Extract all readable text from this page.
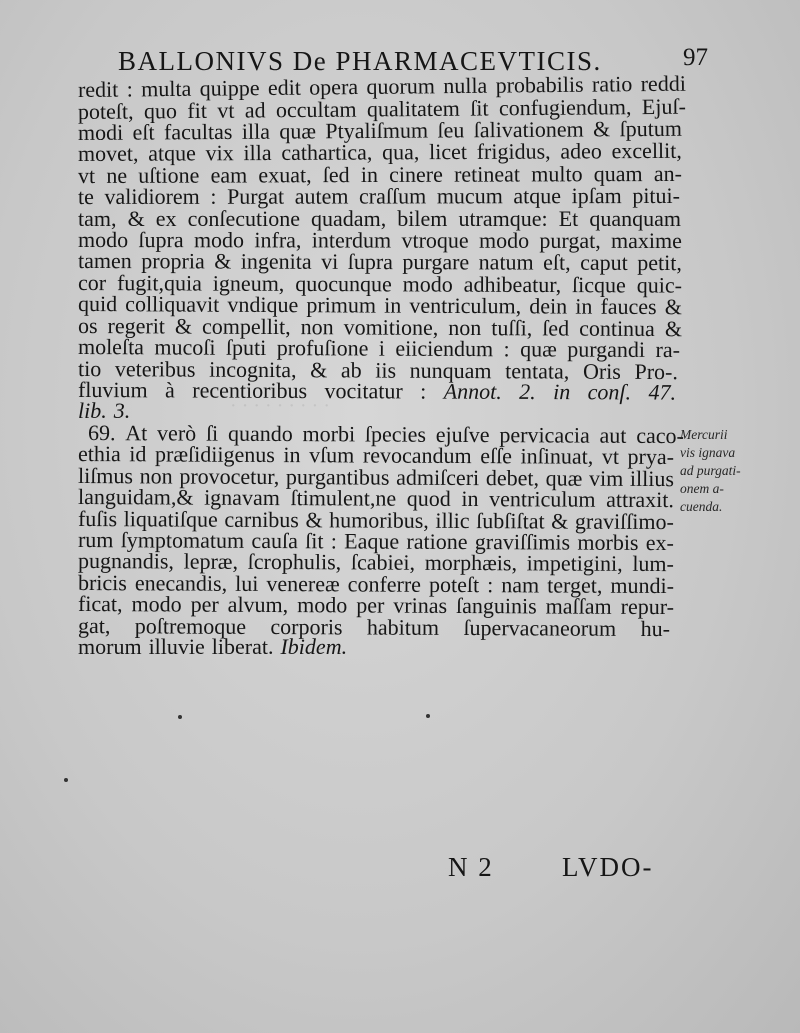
BALLONIVS De PHARMACEVTICIS.	97
· · · · · · · · ·
redit : multa quippe edit opera quorum nulla probabilis ratio reddi
poteſt, quo fit vt ad occultam qualitatem ſit confugiendum, Ejuſ-
modi eſt facultas illa quæ Ptyaliſmum ſeu ſalivationem & ſputum
movet, atque vix illa cathartica, qua, licet frigidus, adeo excellit,
vt ne uſtione eam exuat, ſed in cinere retineat multo quam an-
te validiorem : Purgat autem craſſum mucum atque ipſam pitui-
tam, & ex conſecutione quadam, bilem utramque: Et quanquam
modo ſupra modo infra, interdum vtroque modo purgat, maxime
tamen propria & ingenita vi ſupra purgare natum eſt, caput petit,
cor fugit,quia igneum, quocunque modo adhibeatur, ſicque quic-
quid colliquavit vndique primum in ventriculum, dein in fauces &
os regerit & compellit, non vomitione, non tuſſi, ſed continua &
moleſta mucoſi ſputi profuſione i eiiciendum : quæ purgandi ra-
tio veteribus incognita, & ab iis nunquam tentata, Oris Pro-.
fluvium à recentioribus vocitatur : Annot. 2. in conſ. 47.
lib. 3.
69. At verò ſi quando morbi ſpecies ejuſve pervicacia aut caco-
ethia id præſidiigenus in vſum revocandum eſſe inſinuat, vt prya-
liſmus non provocetur, purgantibus admiſceri debet, quæ vim illius
languidam,& ignavam ſtimulent,ne quod in ventriculum attraxit.
fuſis liquatiſque carnibus & humoribus, illic ſubſiſtat & graviſſimo-
rum ſymptomatum cauſa ſit : Eaque ratione graviſſimis morbis ex-
pugnandis, lepræ, ſcrophulis, ſcabiei, morphæis, impetigini, lum-
bricis enecandis, lui venereæ conferre poteſt : nam terget, mundi-
ficat, modo per alvum, modo per vrinas ſanguinis maſſam repur-
gat, poſtremoque corporis habitum ſupervacaneorum hu-
morum illuvie liberat. Ibidem.
Mercurii
vis ignava
ad purgati-
onem a-
cuenda.
N 2	LVDO-
